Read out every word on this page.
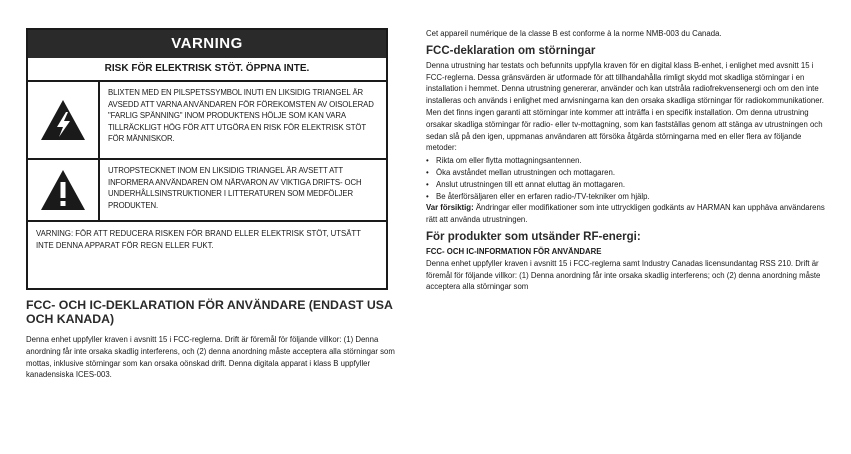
VARNING
RISK FÖR ELEKTRISK STÖT. ÖPPNA INTE.
BLIXTEN MED EN PILSPETSSYMBOL INUTI EN LIKSIDIG TRIANGEL ÄR AVSEDD ATT VARNA ANVÄNDAREN FÖR FÖREKOMSTEN AV OISOLERAD "FARLIG SPÄNNING" INOM PRODUKTENS HÖLJE SOM KAN VARA TILLRÄCKLIGT HÖG FÖR ATT UTGÖRA EN RISK FÖR ELEKTRISK STÖT FÖR MÄNNISKOR.
UTROPSTECKNET INOM EN LIKSIDIG TRIANGEL ÄR AVSETT ATT INFORMERA ANVÄNDAREN OM NÄRVARON AV VIKTIGA DRIFTS- OCH UNDERHÅLLSINSTRUKTIONER I LITTERATUREN SOM MEDFÖLJER PRODUKTEN.
VARNING: FÖR ATT REDUCERA RISKEN FÖR BRAND ELLER ELEKTRISK STÖT, UTSÄTT INTE DENNA APPARAT FÖR REGN ELLER FUKT.
FCC- OCH IC-DEKLARATION FÖR ANVÄNDARE (ENDAST USA OCH KANADA)
Denna enhet uppfyller kraven i avsnitt 15 i FCC-reglerna. Drift är föremål för följande villkor: (1) Denna anordning får inte orsaka skadlig interferens, och (2) denna anordning måste acceptera alla störningar som mottas, inklusive störningar som kan orsaka oönskad drift. Denna digitala apparat i klass B uppfyller kanadensiska ICES-003.

Cet appareil numérique de la classe B est conforme à la norme NMB-003 du Canada.

FCC-deklaration om störningar

Denna utrustning har testats och befunnits uppfylla kraven för en digital klass B-enhet, i enlighet med avsnitt 15 i FCC-reglerna. Dessa gränsvärden är utformade för att tillhandahålla rimligt skydd mot skadliga störningar i en installation i hemmet. Denna utrustning genererar, använder och kan utstråla radiofrekvensenergi och om den inte installeras och används i enlighet med anvisningarna kan den orsaka skadliga störningar för radiokommunikationer. Men det finns ingen garanti att störningar inte kommer att inträffa i en specifik installation. Om denna utrustning orsakar skadliga störningar för radio- eller tv-mottagning, som kan fastställas genom att stänga av utrustningen och sedan slå på den igen, uppmanas användaren att försöka åtgärda störningarna med en eller flera av följande metoder:

• Rikta om eller flytta mottagningsantennen.
• Öka avståndet mellan utrustningen och mottagaren.
• Anslut utrustningen till ett annat eluttag än mottagaren.
• Be återförsäljaren eller en erfaren radio-/TV-tekniker om hjälp.

Var försiktig: Ändringar eller modifikationer som inte uttryckligen godkänts av HARMAN kan upphäva användarens rätt att använda utrustningen.

För produkter som utsänder RF-energi:

FCC- OCH IC-INFORMATION FÖR ANVÄNDARE

Denna enhet uppfyller kraven i avsnitt 15 i FCC-reglerna samt Industry Canadas licensundantag RSS 210. Drift är föremål för följande villkor: (1) Denna anordning får inte orsaka skadlig interferens; och (2) denna anordning måste acceptera alla störningar som
